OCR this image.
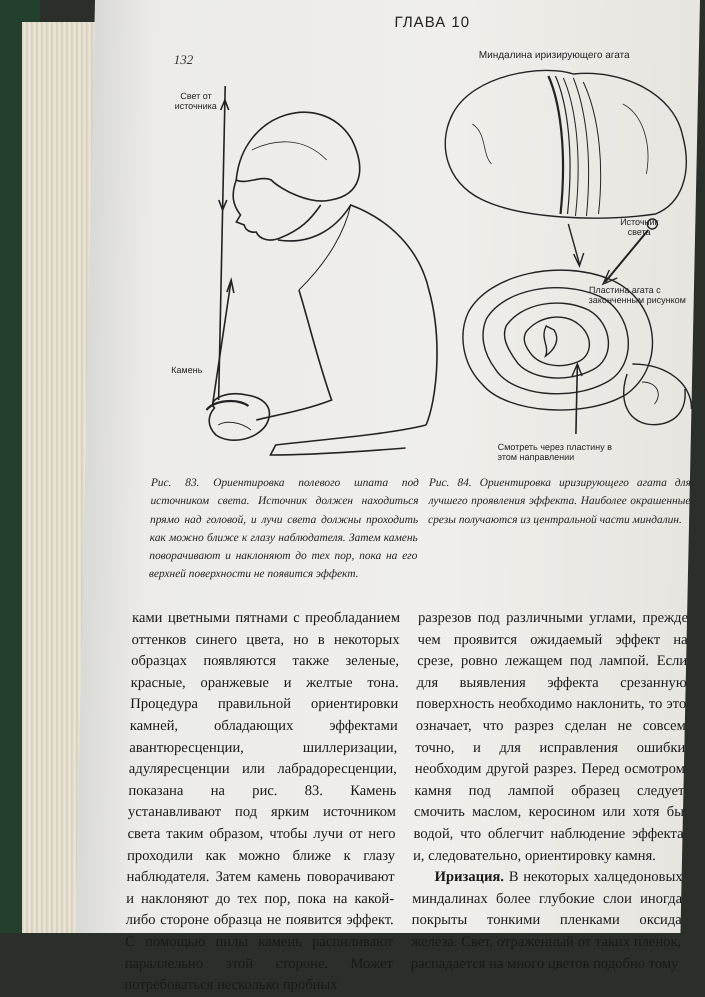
ГЛАВА 10
132
Свет от источника
Камень
Рис. 83. Ориентировка полевого шпата под источником света. Источник должен находиться прямо над головой, и лучи света должны проходить как можно ближе к глазу наблюдателя. Затем камень поворачивают и наклоняют до тех пор, пока на его верхней поверхности не появится эффект.
Миндалина иризирующего агата
Источник света
Пластина агата с законченным рисунком
Смотреть через пластину в этом направлении
Рис. 84. Ориентировка иризирующего агата для лучшего проявления эффекта. Наиболее окрашенные срезы получаются из центральной части миндалин.

ками цветными пятнами с преобладанием оттенков синего цвета, но в некоторых образцах появляются также зеленые, красные, оранжевые и желтые тона. Процедура правильной ориентировки камней, обладающих эффектами авантюресценции, шиллеризации, адуляресценции или лабрадоресценции, показана на рис. 83. Камень устанавливают под ярким источником света таким образом, чтобы лучи от него проходили как можно ближе к глазу наблюдателя. Затем камень поворачивают и наклоняют до тех пор, пока на какой-либо стороне образца не появится эффект. С помощью пилы камень распиливают параллельно этой стороне. Может потребоваться несколько пробных

разрезов под различными углами, прежде чем проявится ожидаемый эффект на срезе, ровно лежащем под лампой. Если для выявления эффекта срезанную поверхность необходимо наклонить, то это означает, что разрез сделан не совсем точно, и для исправления ошибки необходим другой разрез. Перед осмотром камня под лампой образец следует смочить маслом, керосином или хотя бы водой, что облегчит наблюдение эффекта и, следовательно, ориентировку камня.

Иризация. В некоторых халцедоновых миндалинах более глубокие слои иногда покрыты тонкими пленками оксида железа. Свет, отраженный от таких пленок, распадается на много цветов подобно тому
